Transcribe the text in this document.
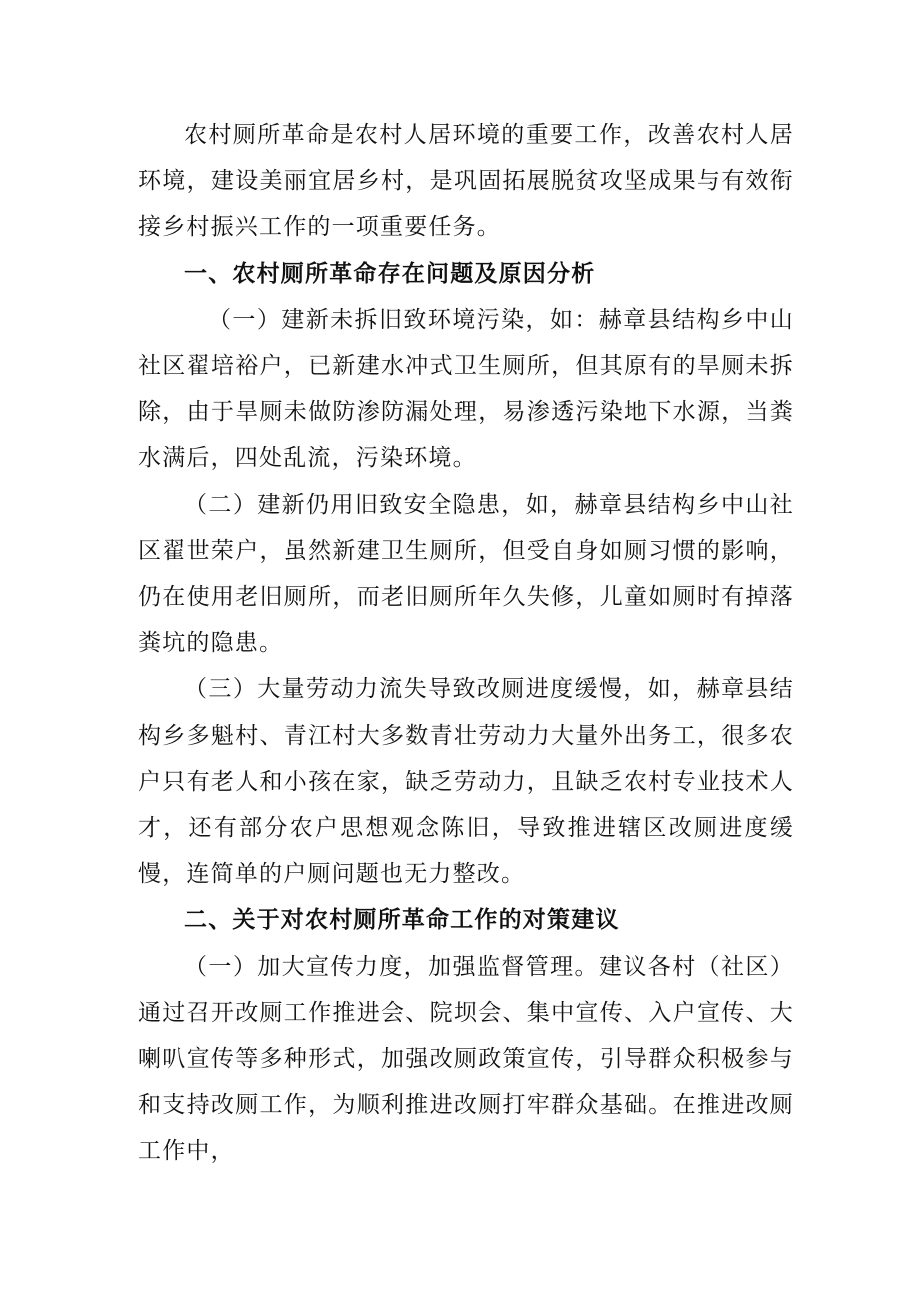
农村厕所革命是农村人居环境的重要工作，改善农村人居环境，建设美丽宜居乡村，是巩固拓展脱贫攻坚成果与有效衔接乡村振兴工作的一项重要任务。

一、农村厕所革命存在问题及原因分析

（一）建新未拆旧致环境污染，如：赫章县结构乡中山社区翟培裕户，已新建水冲式卫生厕所，但其原有的旱厕未拆除，由于旱厕未做防渗防漏处理，易渗透污染地下水源，当粪水满后，四处乱流，污染环境。

（二）建新仍用旧致安全隐患，如，赫章县结构乡中山社区翟世荣户，虽然新建卫生厕所，但受自身如厕习惯的影响，仍在使用老旧厕所，而老旧厕所年久失修，儿童如厕时有掉落粪坑的隐患。

（三）大量劳动力流失导致改厕进度缓慢，如，赫章县结构乡多魁村、青江村大多数青壮劳动力大量外出务工，很多农户只有老人和小孩在家，缺乏劳动力，且缺乏农村专业技术人才，还有部分农户思想观念陈旧，导致推进辖区改厕进度缓慢，连简单的户厕问题也无力整改。

二、关于对农村厕所革命工作的对策建议

（一）加大宣传力度，加强监督管理。建议各村（社区）通过召开改厕工作推进会、院坝会、集中宣传、入户宣传、大喇叭宣传等多种形式，加强改厕政策宣传，引导群众积极参与和支持改厕工作，为顺利推进改厕打牢群众基础。在推进改厕工作中，
